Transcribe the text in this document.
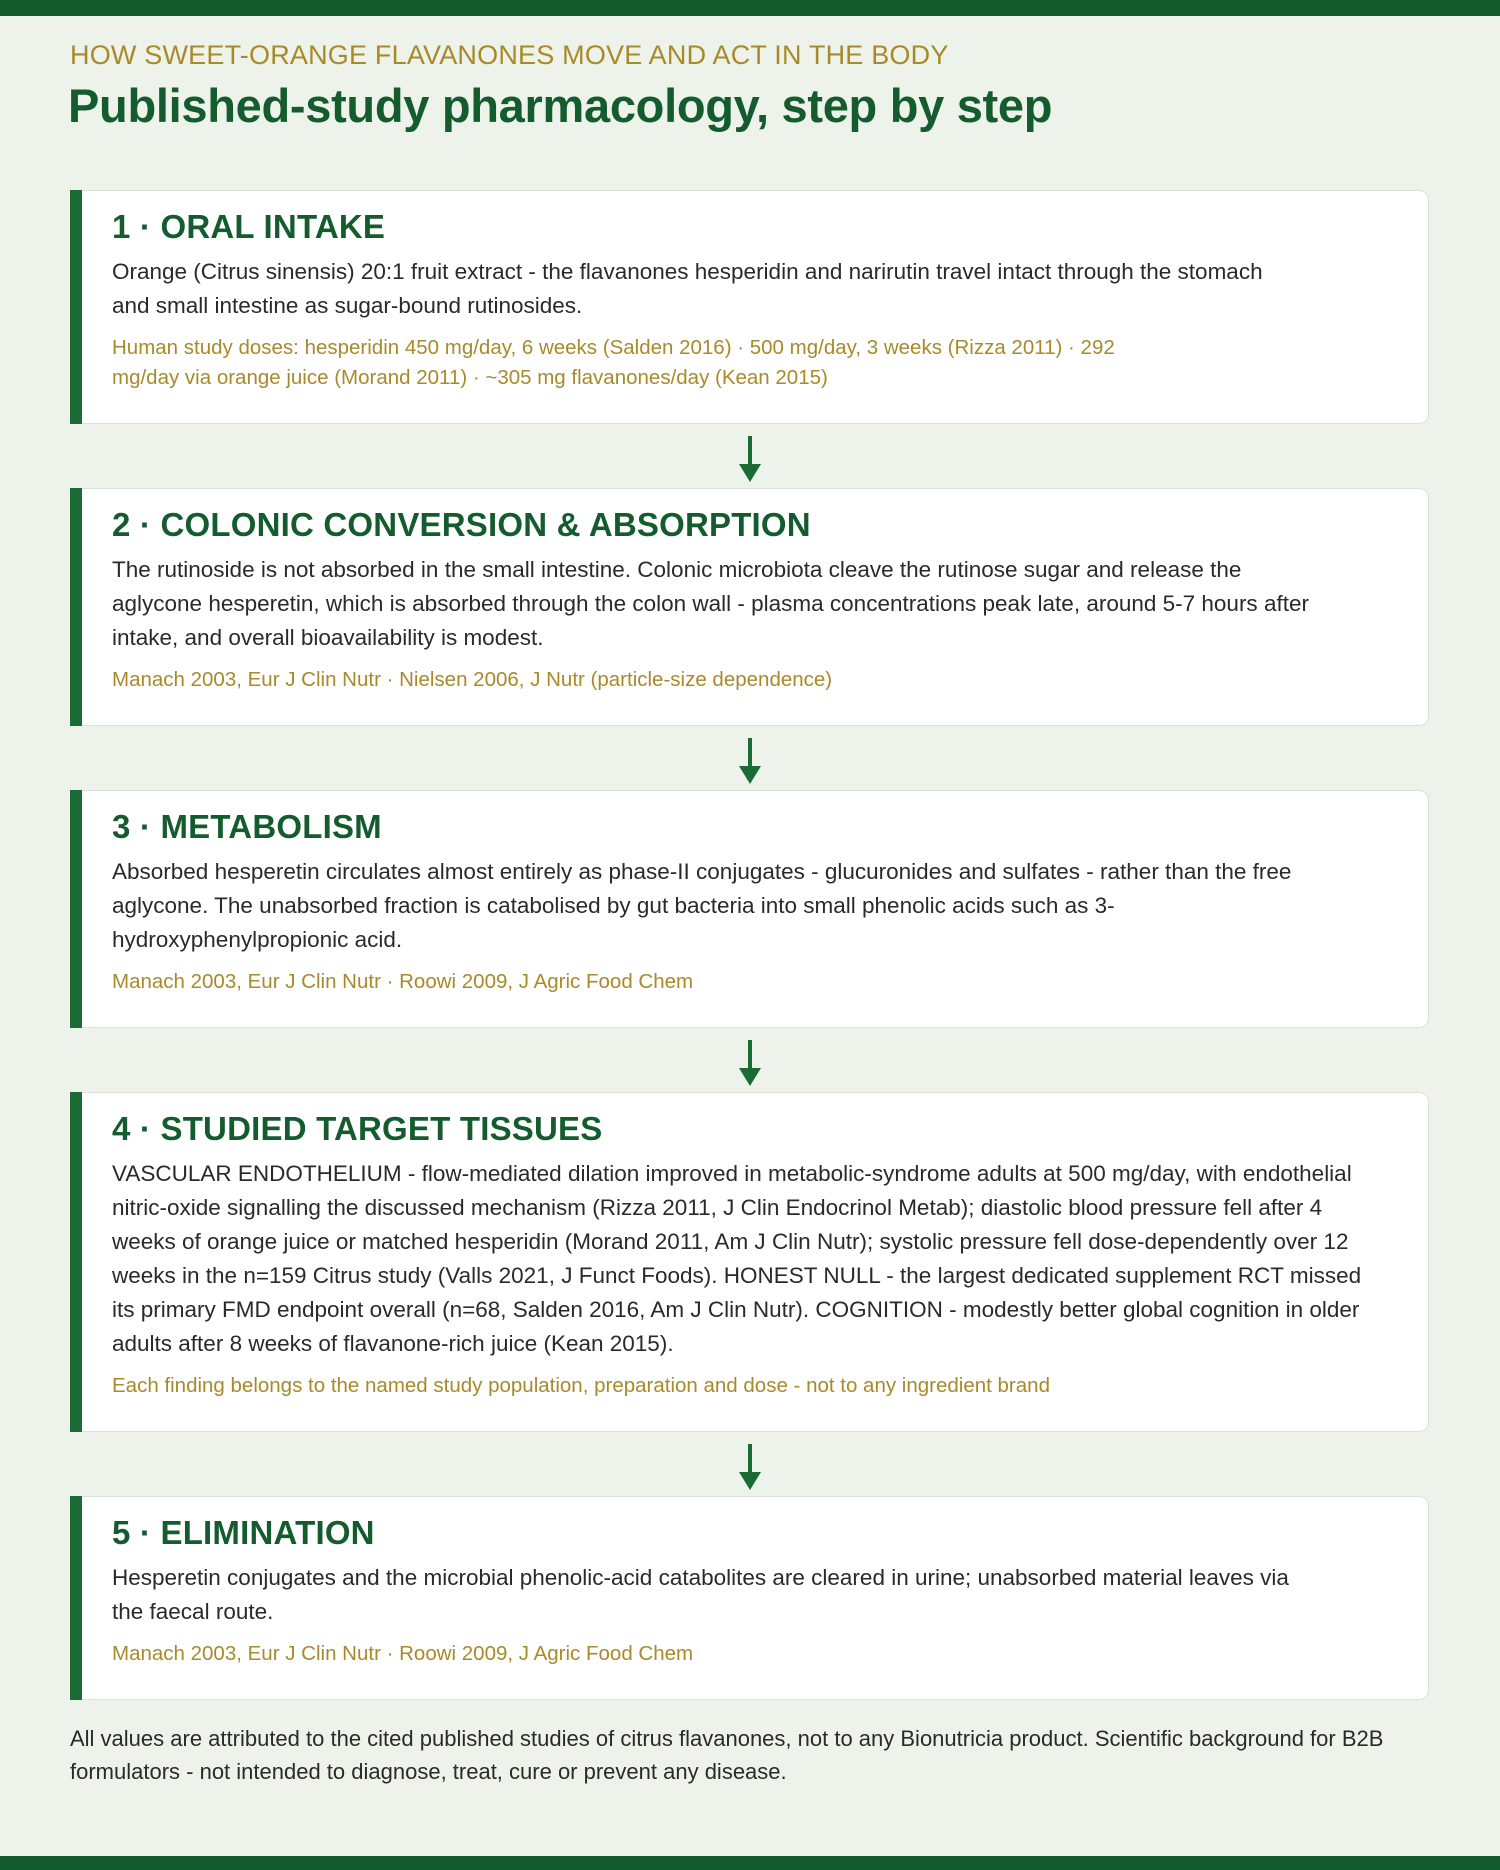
HOW SWEET-ORANGE FLAVANONES MOVE AND ACT IN THE BODY
Published-study pharmacology, step by step
1 · ORAL INTAKE
Orange (Citrus sinensis) 20:1 fruit extract - the flavanones hesperidin and narirutin travel intact through the stomach and small intestine as sugar-bound rutinosides.
Human study doses: hesperidin 450 mg/day, 6 weeks (Salden 2016) · 500 mg/day, 3 weeks (Rizza 2011) · 292 mg/day via orange juice (Morand 2011) · ~305 mg flavanones/day (Kean 2015)
2 · COLONIC CONVERSION & ABSORPTION
The rutinoside is not absorbed in the small intestine. Colonic microbiota cleave the rutinose sugar and release the aglycone hesperetin, which is absorbed through the colon wall - plasma concentrations peak late, around 5-7 hours after intake, and overall bioavailability is modest.
Manach 2003, Eur J Clin Nutr · Nielsen 2006, J Nutr (particle-size dependence)
3 · METABOLISM
Absorbed hesperetin circulates almost entirely as phase-II conjugates - glucuronides and sulfates - rather than the free aglycone. The unabsorbed fraction is catabolised by gut bacteria into small phenolic acids such as 3-hydroxyphenylpropionic acid.
Manach 2003, Eur J Clin Nutr · Roowi 2009, J Agric Food Chem
4 · STUDIED TARGET TISSUES
VASCULAR ENDOTHELIUM - flow-mediated dilation improved in metabolic-syndrome adults at 500 mg/day, with endothelial nitric-oxide signalling the discussed mechanism (Rizza 2011, J Clin Endocrinol Metab); diastolic blood pressure fell after 4 weeks of orange juice or matched hesperidin (Morand 2011, Am J Clin Nutr); systolic pressure fell dose-dependently over 12 weeks in the n=159 Citrus study (Valls 2021, J Funct Foods). HONEST NULL - the largest dedicated supplement RCT missed its primary FMD endpoint overall (n=68, Salden 2016, Am J Clin Nutr). COGNITION - modestly better global cognition in older adults after 8 weeks of flavanone-rich juice (Kean 2015).
Each finding belongs to the named study population, preparation and dose - not to any ingredient brand
5 · ELIMINATION
Hesperetin conjugates and the microbial phenolic-acid catabolites are cleared in urine; unabsorbed material leaves via the faecal route.
Manach 2003, Eur J Clin Nutr · Roowi 2009, J Agric Food Chem
All values are attributed to the cited published studies of citrus flavanones, not to any Bionutricia product. Scientific background for B2B formulators - not intended to diagnose, treat, cure or prevent any disease.
